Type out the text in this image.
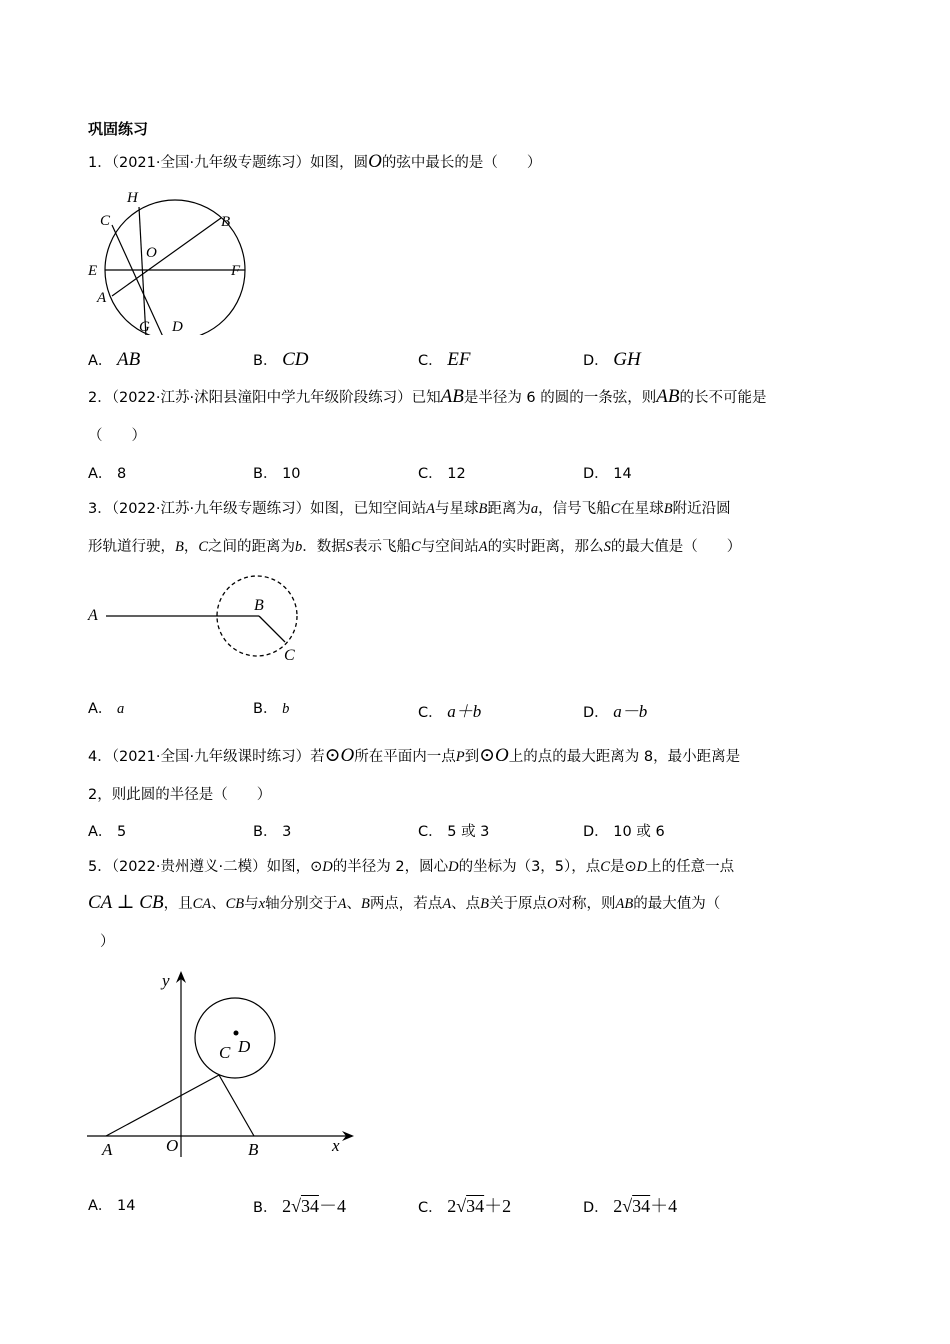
巩固练习
1．（2021·全国·九年级专题练习）如图，圆O的弦中最长的是（　　）
H
C	B
O
E	F
A
G D
A． AB	B． CD	C． EF	D． GH
2．（2022·江苏·沭阳县潼阳中学九年级阶段练习）已知AB是半径为 6 的圆的一条弦，则AB的长不可能是
（　　）
A． 8	B． 10	C． 12	D． 14
3．（2022·江苏·九年级专题练习）如图，已知空间站A与星球B距离为a，信号飞船C在星球B附近沿圆
形轨道行驶，B，C之间的距离为b．数据S表示飞船C与空间站A的实时距离，那么S的最大值是（　　）
A
B
C
A． a	B． b	C． a＋b	D． a－b
4．（2021·全国·九年级课时练习）若⊙O所在平面内一点P到⊙O上的点的最大距离为 8，最小距离是
2，则此圆的半径是（　　）
A． 5	B． 3	C． 5 或 3	D． 10 或 6
5．（2022·贵州遵义·二模）如图，⊙D的半径为 2，圆心D的坐标为（3，5），点C是⊙D上的任意一点
CA ⊥ CB，且CA、CB与x轴分别交于A、B两点，若点A、点B关于原点O对称，则AB的最大值为（
）
y
D
C
A	O	B	x
A． 14	B． 2√34－4	C． 2√34＋2	D． 2√34＋4
